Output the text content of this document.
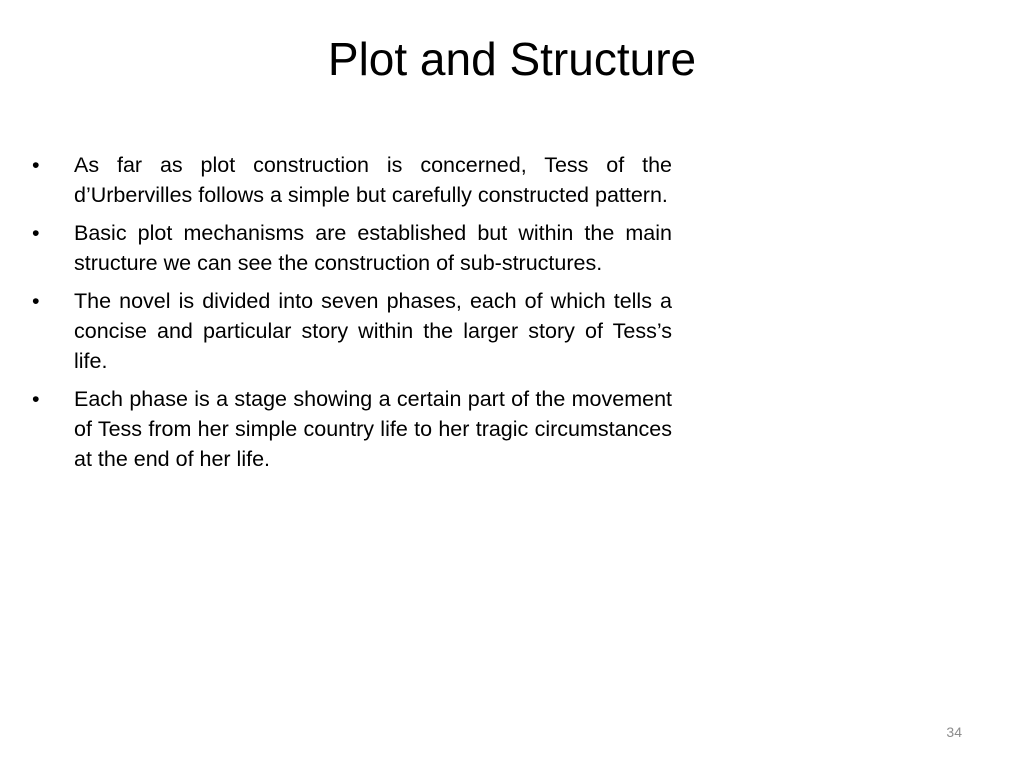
Plot and Structure
•	As far as plot construction is concerned, Tess of the d’Urbervilles follows a simple but carefully constructed pattern.
•	Basic plot mechanisms are established but within the main structure we can see the construction of sub-structures.
•	The novel is divided into seven phases, each of which tells a concise and particular story within the larger story of Tess’s life.
•	Each phase is a stage showing a certain part of the movement of Tess from her simple country life to her tragic circumstances at the end of her life.
34
